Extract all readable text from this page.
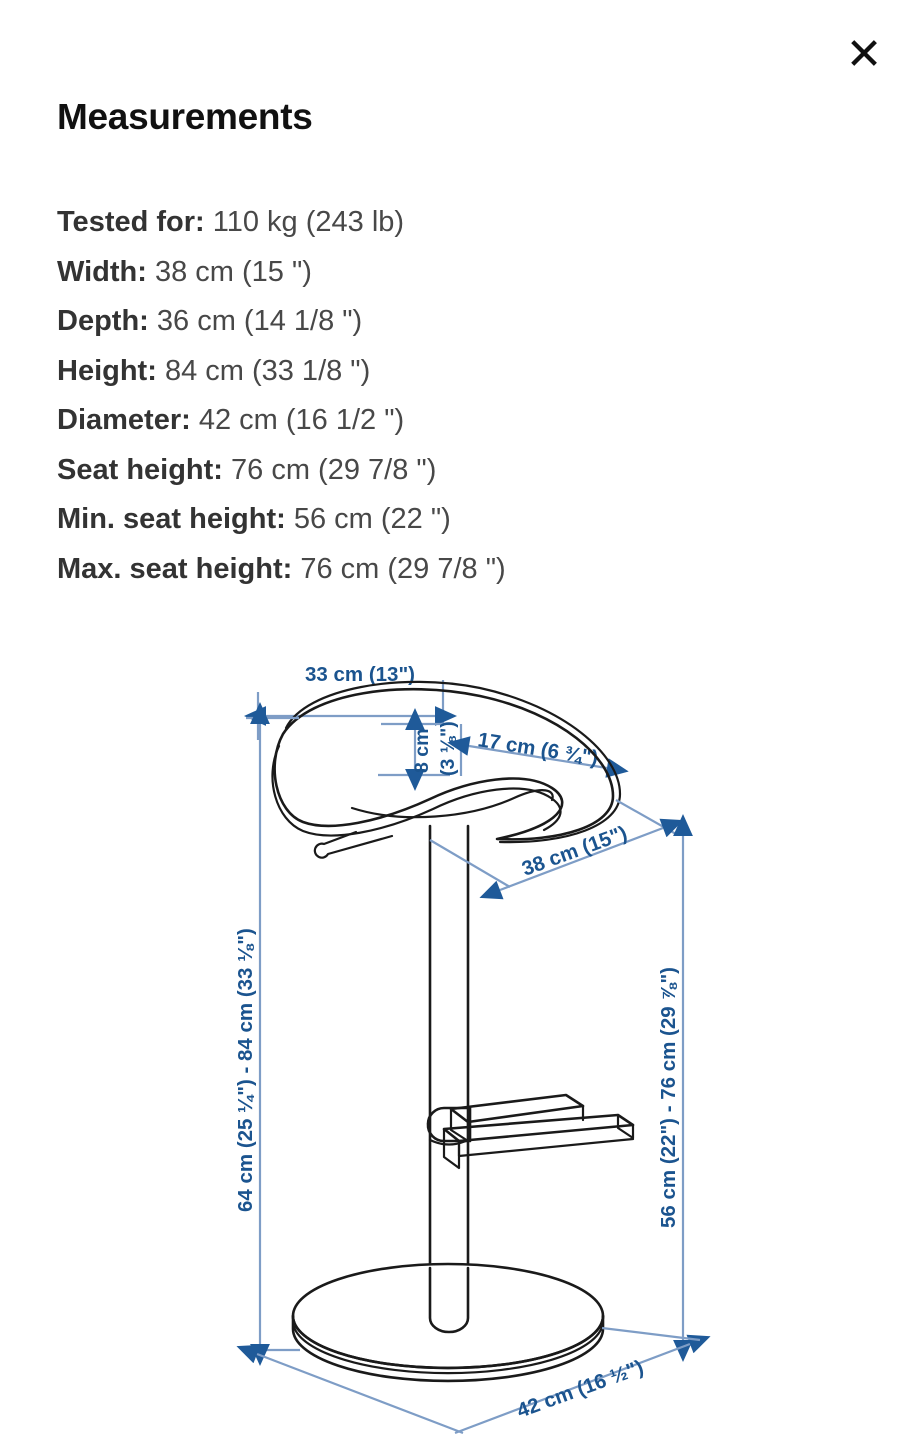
✕
Measurements
Tested for: 110 kg (243 lb)
Width: 38 cm (15 ")
Depth: 36 cm (14 1/8 ")
Height: 84 cm (33 1/8 ")
Diameter: 42 cm (16 1/2 ")
Seat height: 76 cm (29 7/8 ")
Min. seat height: 56 cm (22 ")
Max. seat height: 76 cm (29 7/8 ")
33 cm (13")
8 cm (3 ⅛") 17 cm (6 ¾")
38 cm (15")
64 cm (25 ¼") - 84 cm (33 ⅛")	56 cm (22") - 76 cm (29 ⅞")
42 cm (16 ½")
